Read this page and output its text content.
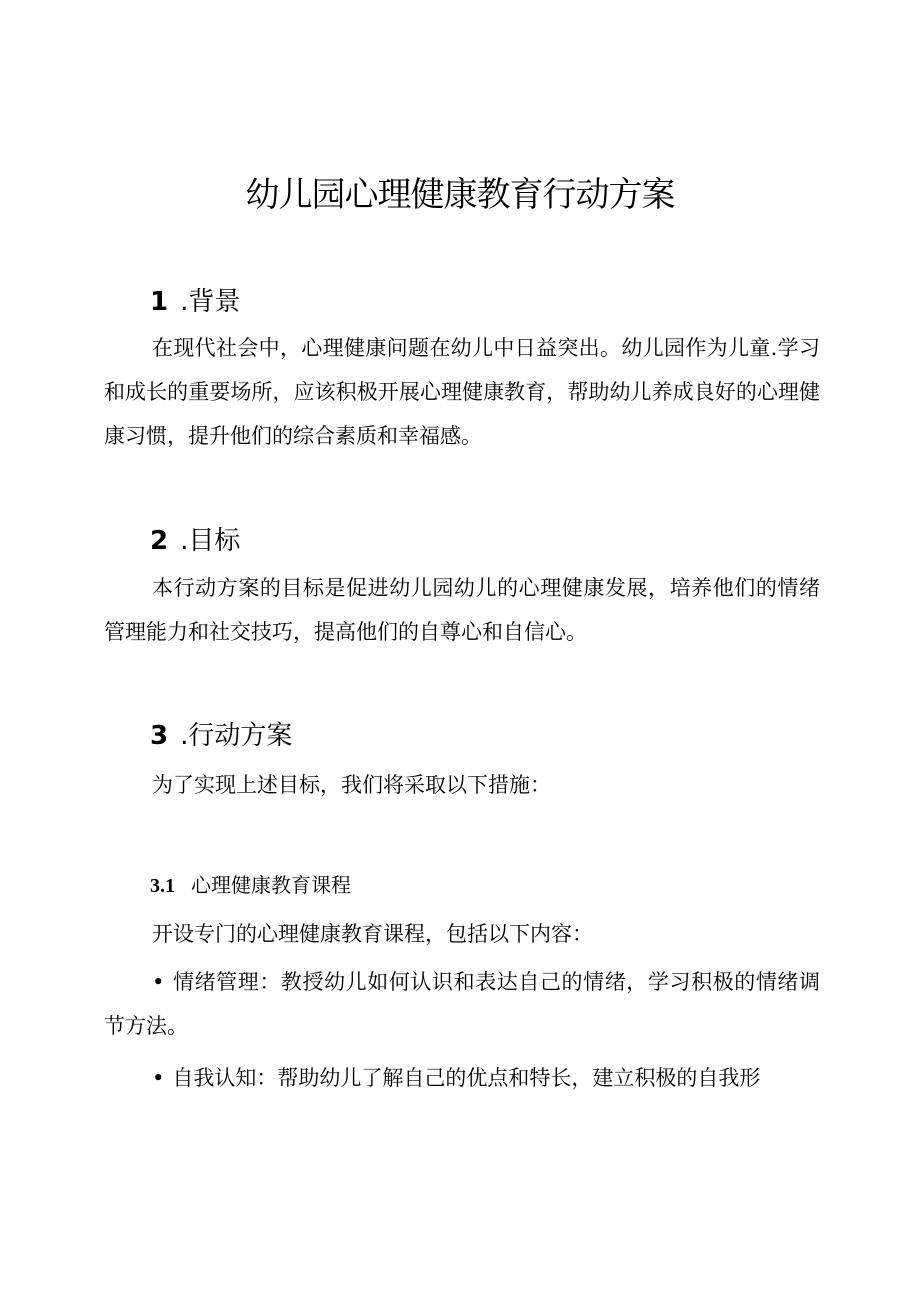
幼儿园心理健康教育行动方案
1 .背景

在现代社会中，心理健康问题在幼儿中日益突出。幼儿园作为儿童.学习和成长的重要场所，应该积极开展心理健康教育，帮助幼儿养成良好的心理健康习惯，提升他们的综合素质和幸福感。

2 .目标

本行动方案的目标是促进幼儿园幼儿的心理健康发展，培养他们的情绪管理能力和社交技巧，提高他们的自尊心和自信心。

3 .行动方案

为了实现上述目标，我们将采取以下措施：

3.1 心理健康教育课程

开设专门的心理健康教育课程，包括以下内容：

• 情绪管理：教授幼儿如何认识和表达自己的情绪，学习积极的情绪调节方法。

• 自我认知：帮助幼儿了解自己的优点和特长，建立积极的自我形
